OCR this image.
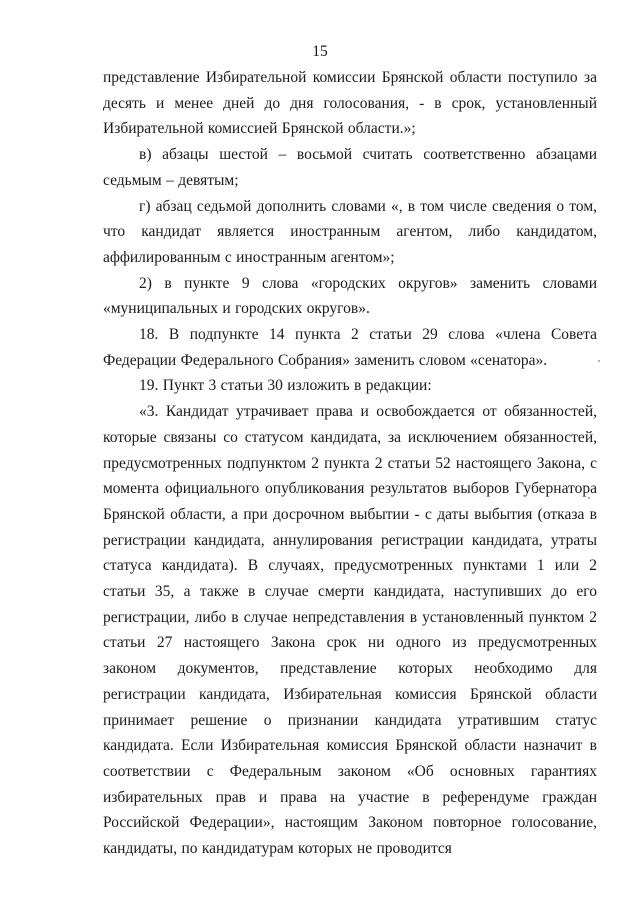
15

представление Избирательной комиссии Брянской области поступило за десять и менее дней до дня голосования, - в срок, установленный Избирательной комиссией Брянской области.»;

в) абзацы шестой – восьмой считать соответственно абзацами седьмым – девятым;

г) абзац седьмой дополнить словами «, в том числе сведения о том, что кандидат является иностранным агентом, либо кандидатом, аффилированным с иностранным агентом»;

2) в пункте 9 слова «городских округов» заменить словами «муниципальных и городских округов».

18. В подпункте 14 пункта 2 статьи 29 слова «члена Совета Федерации Федерального Собрания» заменить словом «сенатора».

19. Пункт 3 статьи 30 изложить в редакции:

«3. Кандидат утрачивает права и освобождается от обязанностей, которые связаны со статусом кандидата, за исключением обязанностей, предусмотренных подпунктом 2 пункта 2 статьи 52 настоящего Закона, с момента официального опубликования результатов выборов Губернатора Брянской области, а при досрочном выбытии - с даты выбытия (отказа в регистрации кандидата, аннулирования регистрации кандидата, утраты статуса кандидата). В случаях, предусмотренных пунктами 1 или 2 статьи 35, а также в случае смерти кандидата, наступивших до его регистрации, либо в случае непредставления в установленный пунктом 2 статьи 27 настоящего Закона срок ни одного из предусмотренных законом документов, представление которых необходимо для регистрации кандидата, Избирательная комиссия Брянской области принимает решение о признании кандидата утратившим статус кандидата. Если Избирательная комиссия Брянской области назначит в соответствии с Федеральным законом «Об основных гарантиях избирательных прав и права на участие в референдуме граждан Российской Федерации», настоящим Законом повторное голосование, кандидаты, по кандидатурам которых не проводится
